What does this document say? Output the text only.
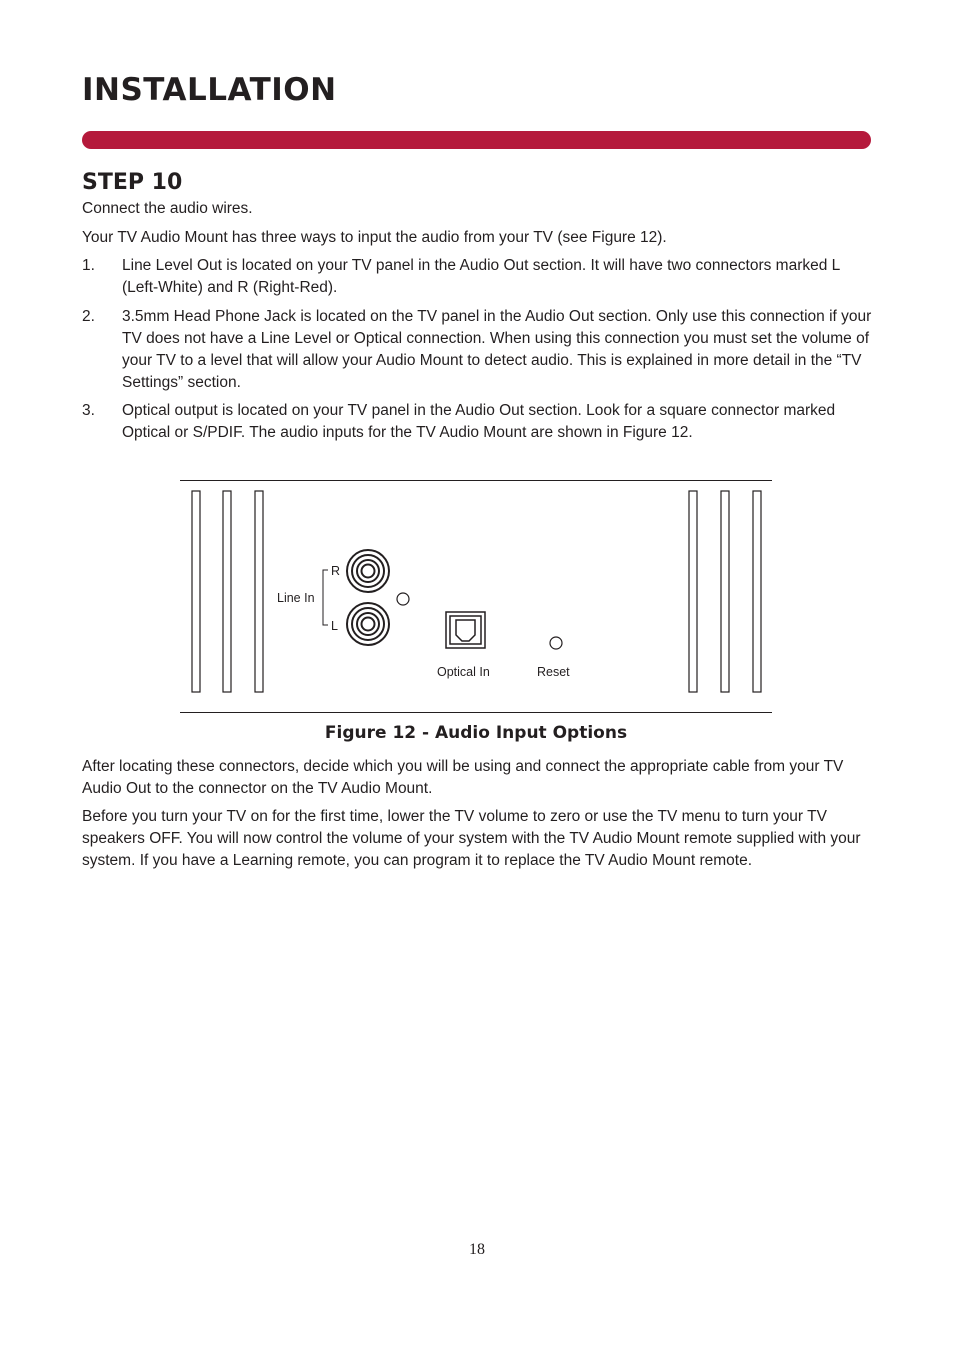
INSTALLATION
STEP 10

Connect the audio wires.

Your TV Audio Mount has three ways to input the audio from your TV (see Figure 12).

1. Line Level Out is located on your TV panel in the Audio Out section. It will have two connectors marked L (Left-White) and R (Right-Red).
2. 3.5mm Head Phone Jack is located on the TV panel in the Audio Out section. Only use this connection if your TV does not have a Line Level or Optical connection. When using this connection you must set the volume of your TV to a level that will allow your Audio Mount to detect audio. This is explained in more detail in the “TV Settings” section.
3. Optical output is located on your TV panel in the Audio Out section. Look for a square connector marked Optical or S/PDIF. The audio inputs for the TV Audio Mount are shown in Figure 12.
Line In
R
L
Optical In	Reset
Figure 12 - Audio Input Options

After locating these connectors, decide which you will be using and connect the appropriate cable from your TV Audio Out to the connector on the TV Audio Mount.

Before you turn your TV on for the first time, lower the TV volume to zero or use the TV menu to turn your TV speakers OFF. You will now control the volume of your system with the TV Audio Mount remote supplied with your system. If you have a Learning remote, you can program it to replace the TV Audio Mount remote.

18
